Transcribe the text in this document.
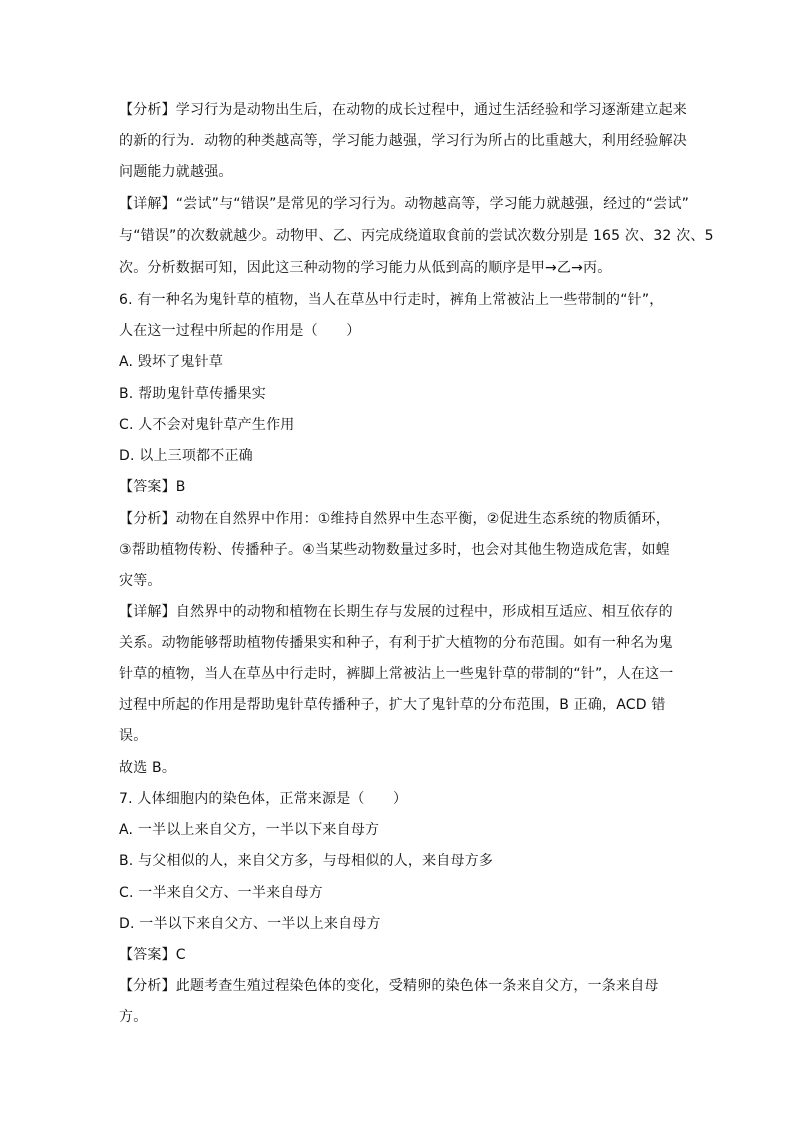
【分析】学习行为是动物出生后，在动物的成长过程中，通过生活经验和学习逐渐建立起来
的新的行为．动物的种类越高等，学习能力越强，学习行为所占的比重越大，利用经验解决
问题能力就越强。
【详解】“尝试”与“错误”是常见的学习行为。动物越高等，学习能力就越强，经过的“尝试”
与“错误”的次数就越少。动物甲、乙、丙完成绕道取食前的尝试次数分别是 165 次、32 次、5
次。分析数据可知，因此这三种动物的学习能力从低到高的顺序是甲→乙→丙。
6. 有一种名为鬼针草的植物，当人在草丛中行走时，裤角上常被沾上一些带制的“针”，
人在这一过程中所起的作用是（　　）
A. 毁坏了鬼针草
B. 帮助鬼针草传播果实
C. 人不会对鬼针草产生作用
D. 以上三项都不正确
【答案】B
【分析】动物在自然界中作用：①维持自然界中生态平衡，②促进生态系统的物质循环，
③帮助植物传粉、传播种子。④当某些动物数量过多时，也会对其他生物造成危害，如蝗
灾等。
【详解】自然界中的动物和植物在长期生存与发展的过程中，形成相互适应、相互依存的
关系。动物能够帮助植物传播果实和种子，有利于扩大植物的分布范围。如有一种名为鬼
针草的植物，当人在草丛中行走时，裤脚上常被沾上一些鬼针草的带制的“针”，人在这一
过程中所起的作用是帮助鬼针草传播种子，扩大了鬼针草的分布范围，B 正确，ACD 错
误。
故选 B。
7. 人体细胞内的染色体，正常来源是（　　）
A. 一半以上来自父方，一半以下来自母方
B. 与父相似的人，来自父方多，与母相似的人，来自母方多
C. 一半来自父方、一半来自母方
D. 一半以下来自父方、一半以上来自母方
【答案】C
【分析】此题考查生殖过程染色体的变化，受精卵的染色体一条来自父方，一条来自母
方。
